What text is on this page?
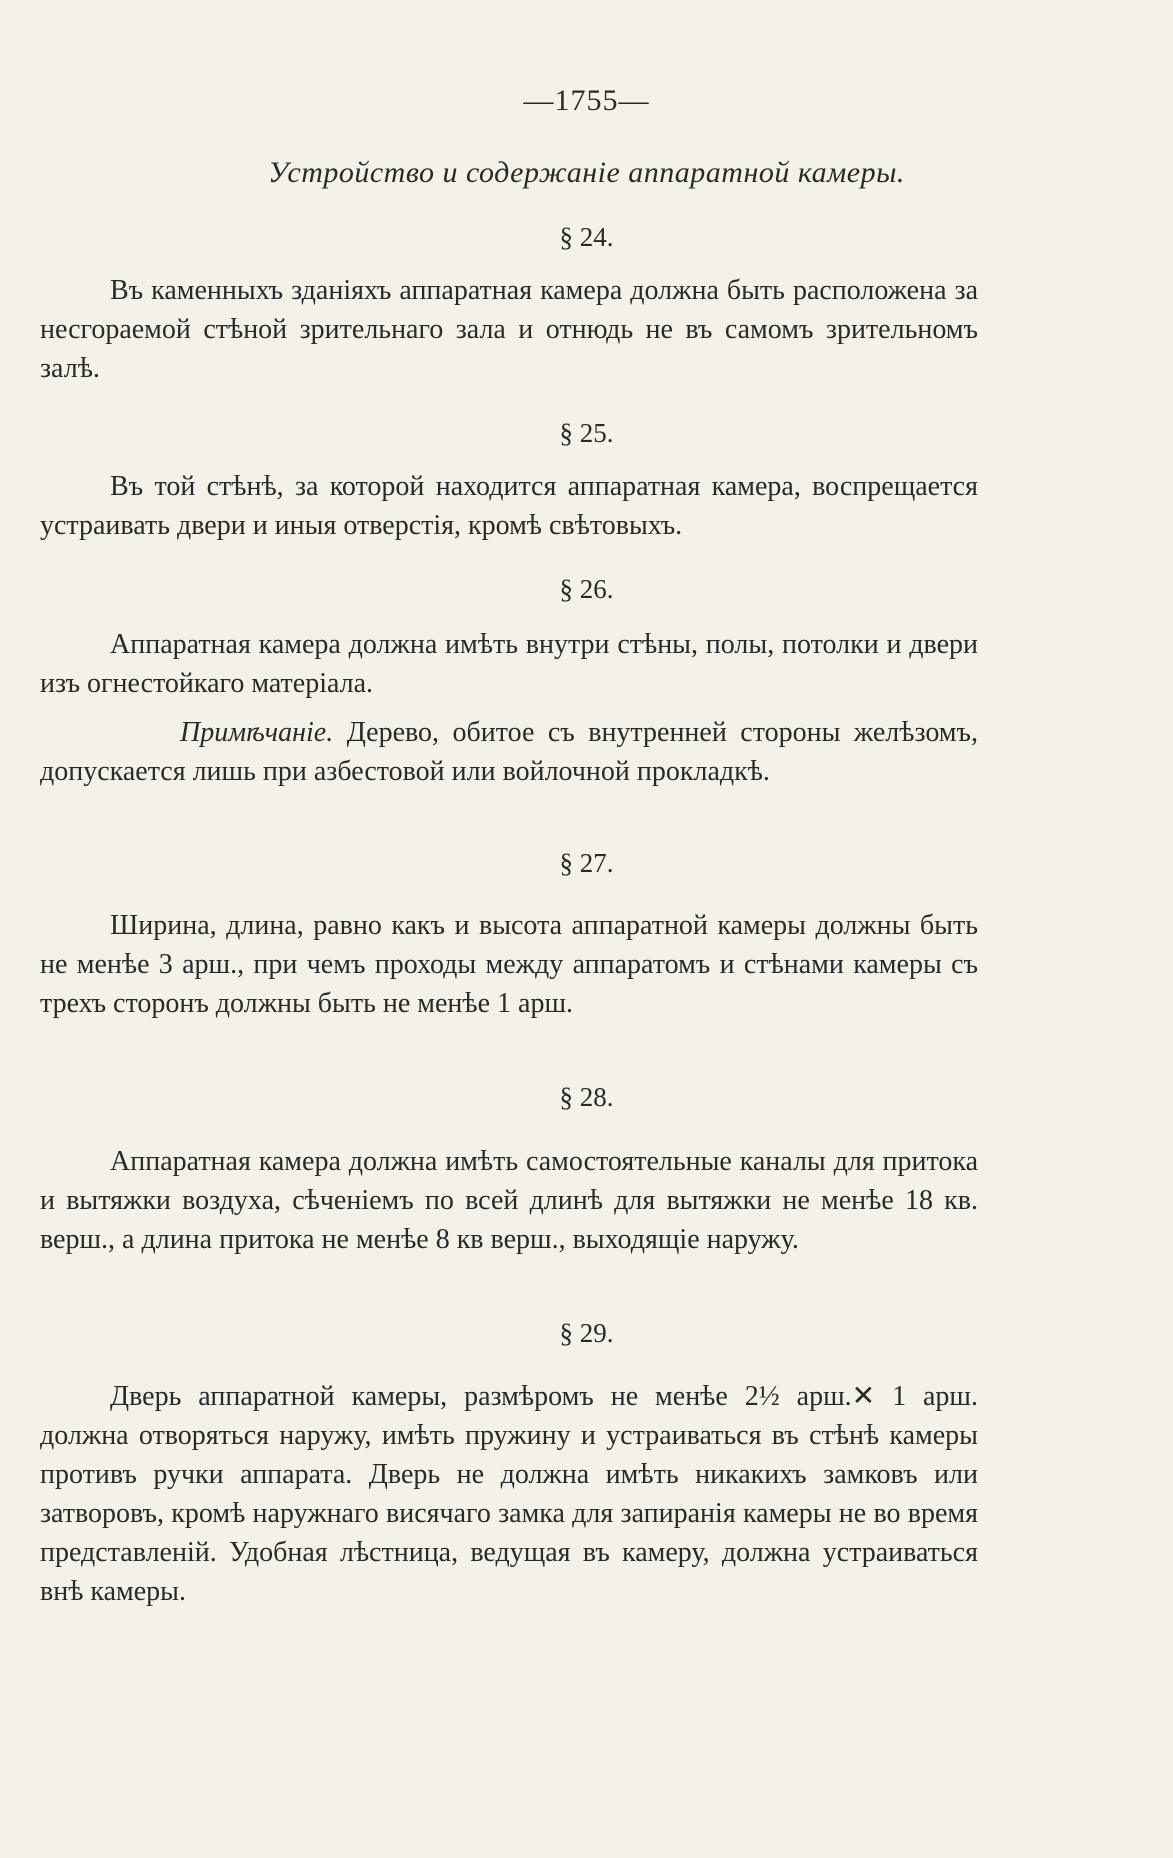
—1755—
Устройство и содержаніе аппаратной камеры.
§ 24.
Въ каменныхъ зданіяхъ аппаратная камера должна быть расположена за несгораемой стѣной зрительнаго зала и отнюдь не въ самомъ зрительномъ залѣ.
§ 25.
Въ той стѣнѣ, за которой находится аппаратная камера, воспрещается устраивать двери и иныя отверстія, кромѣ свѣтовыхъ.
§ 26.
Аппаратная камера должна имѣть внутри стѣны, полы, потолки и двери изъ огнестойкаго матеріала.
Примѣчаніе. Дерево, обитое съ внутренней стороны желѣзомъ, допускается лишь при азбестовой или войлочной прокладкѣ.
§ 27.
Ширина, длина, равно какъ и высота аппаратной камеры должны быть не менѣе 3 арш., при чемъ проходы между аппаратомъ и стѣнами камеры съ трехъ сторонъ должны быть не менѣе 1 арш.
§ 28.
Аппаратная камера должна имѣть самостоятельные каналы для притока и вытяжки воздуха, сѣченіемъ по всей длинѣ для вытяжки не менѣе 18 кв. верш., а длина притока не менѣе 8 кв верш., выходящіе наружу.
§ 29.
Дверь аппаратной камеры, размѣромъ не менѣе 2½ арш.✕ 1 арш. должна отворяться наружу, имѣть пружину и устраиваться въ стѣнѣ камеры противъ ручки аппарата. Дверь не должна имѣть никакихъ замковъ или затворовъ, кромѣ наружнаго висячаго замка для запиранія камеры не во время представленій. Удобная лѣстница, ведущая въ камеру, должна устраиваться внѣ камеры.
